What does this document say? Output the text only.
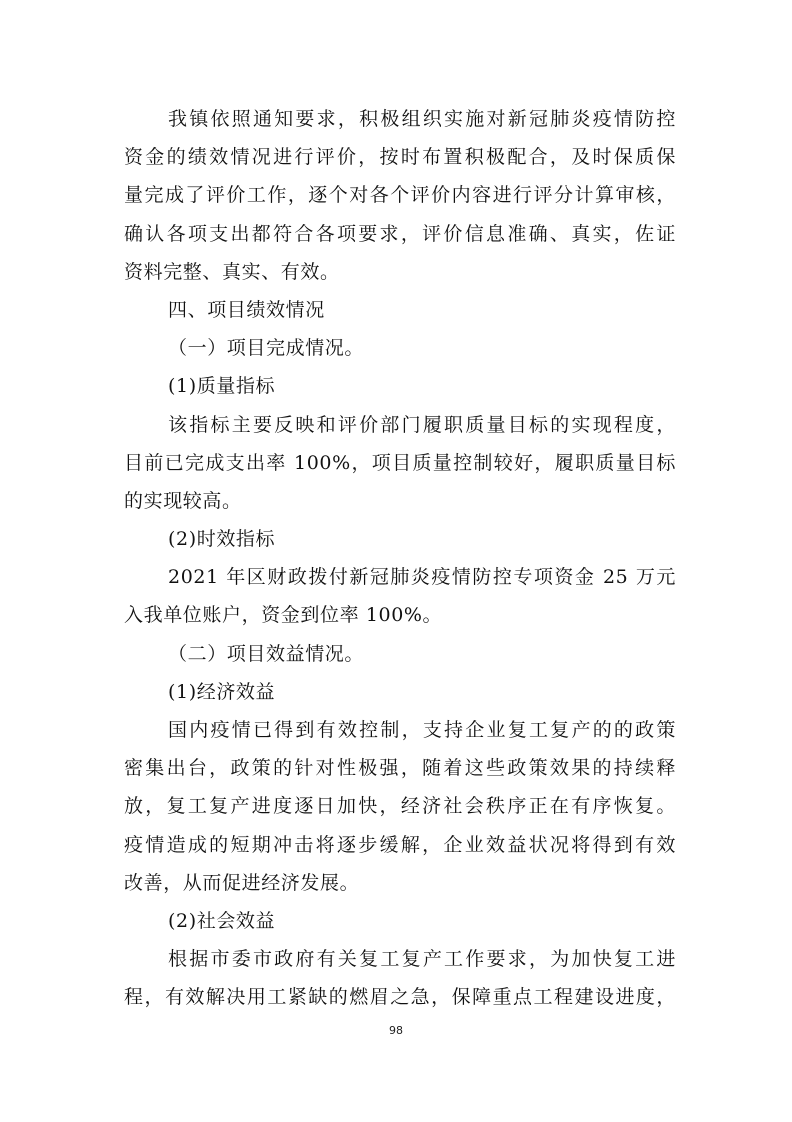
我镇依照通知要求，积极组织实施对新冠肺炎疫情防控
资金的绩效情况进行评价，按时布置积极配合，及时保质保
量完成了评价工作，逐个对各个评价内容进行评分计算审核，
确认各项支出都符合各项要求，评价信息准确、真实，佐证
资料完整、真实、有效。
四、项目绩效情况
（一）项目完成情况。
(1)质量指标
该指标主要反映和评价部门履职质量目标的实现程度，
目前已完成支出率 100%，项目质量控制较好，履职质量目标
的实现较高。
(2)时效指标
2021 年区财政拨付新冠肺炎疫情防控专项资金 25 万元
入我单位账户，资金到位率 100%。
（二）项目效益情况。
(1)经济效益
国内疫情已得到有效控制，支持企业复工复产的的政策
密集出台，政策的针对性极强，随着这些政策效果的持续释
放，复工复产进度逐日加快，经济社会秩序正在有序恢复。
疫情造成的短期冲击将逐步缓解，企业效益状况将得到有效
改善，从而促进经济发展。
(2)社会效益
根据市委市政府有关复工复产工作要求，为加快复工进
程，有效解决用工紧缺的燃眉之急，保障重点工程建设进度，
98
